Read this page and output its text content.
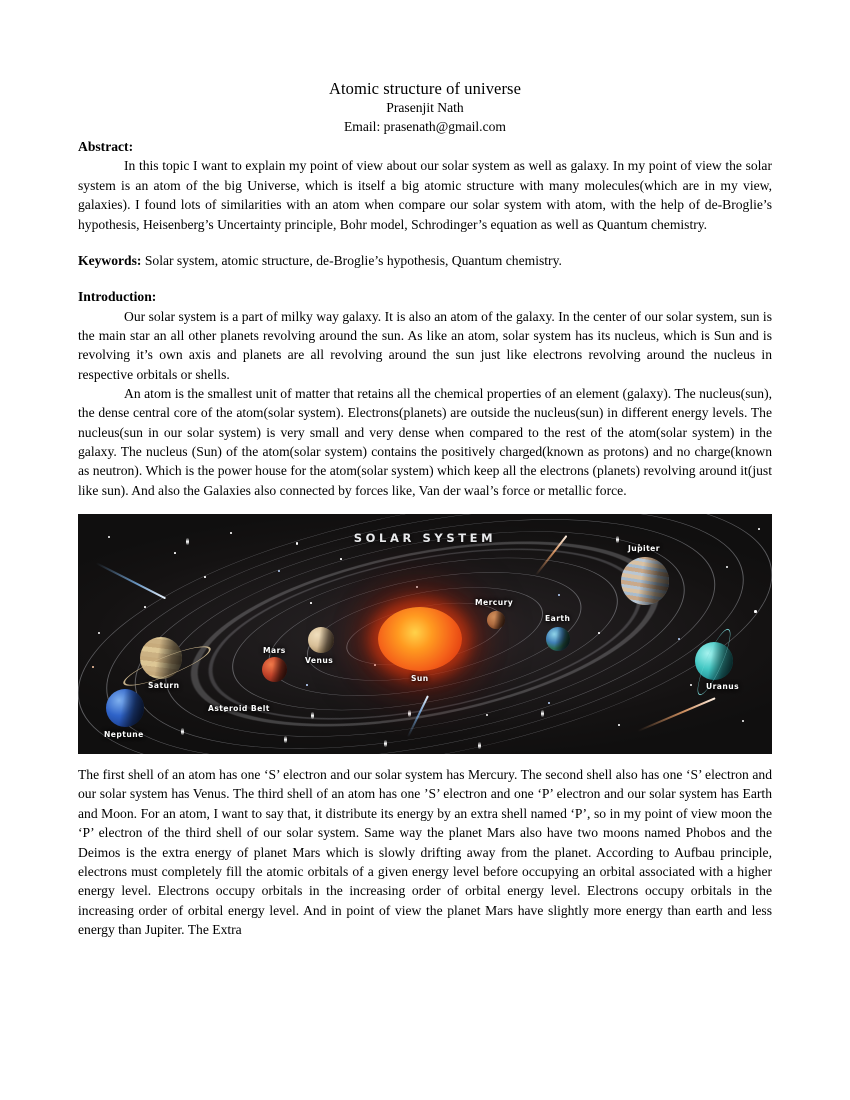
Atomic structure of universe
Prasenjit Nath
Email: prasenath@gmail.com
Abstract:
In this topic I want to explain my point of view about our solar system as well as galaxy. In my point of view the solar system is an atom of the big Universe, which is itself a big atomic structure with many molecules(which are in my view, galaxies). I found lots of similarities with an atom when compare our solar system with atom, with the help of de-Broglie’s hypothesis, Heisenberg’s Uncertainty principle, Bohr model, Schrodinger’s equation as well as Quantum chemistry.
Keywords: Solar system, atomic structure, de-Broglie’s hypothesis, Quantum chemistry.
Introduction:
Our solar system is a part of milky way galaxy. It is also an atom of the galaxy. In the center of our solar system, sun is the main star an all other planets revolving around the sun. As like an atom, solar system has its nucleus, which is Sun and is revolving it’s own axis and planets are all revolving around the sun just like electrons revolving around the nucleus in respective orbitals or shells.
An atom is the smallest unit of matter that retains all the chemical properties of an element (galaxy). The nucleus(sun), the dense central core of the atom(solar system). Electrons(planets) are outside the nucleus(sun) in different energy levels. The nucleus(sun in our solar system) is very small and very dense when compared to the rest of the atom(solar system) in the galaxy. The nucleus (Sun) of the atom(solar system) contains the positively charged(known as protons) and no charge(known as neutron). Which is the power house for the atom(solar system) which keep all the electrons (planets) revolving around it(just like sun). And also the Galaxies also connected by forces like, Van der waal’s force or metallic force.
Sun
Mercury
Venus
Earth
Mars
Jupiter
Saturn	Uranus
Neptune
Asteroid Belt
SOLAR SYSTEM
The first shell of an atom has one ‘S’ electron and our solar system has Mercury. The second shell also has one ‘S’ electron and our solar system has Venus. The third shell of an atom has one ’S’ electron and one ‘P’ electron and our solar system has Earth and Moon. For an atom, I want to say that, it distribute its energy by an extra shell named ‘P’, so in my point of view moon the ‘P’ electron of the third shell of our solar system. Same way the planet Mars also have two moons named Phobos and the Deimos is the extra energy of planet Mars which is slowly drifting away from the planet. According to Aufbau principle, electrons must completely fill the atomic orbitals of a given energy level before occupying an orbital associated with a higher energy level. Electrons occupy orbitals in the increasing order of orbital energy level. Electrons occupy orbitals in the increasing order of orbital energy level. And in point of view the planet Mars have slightly more energy than earth and less energy than Jupiter. The Extra
